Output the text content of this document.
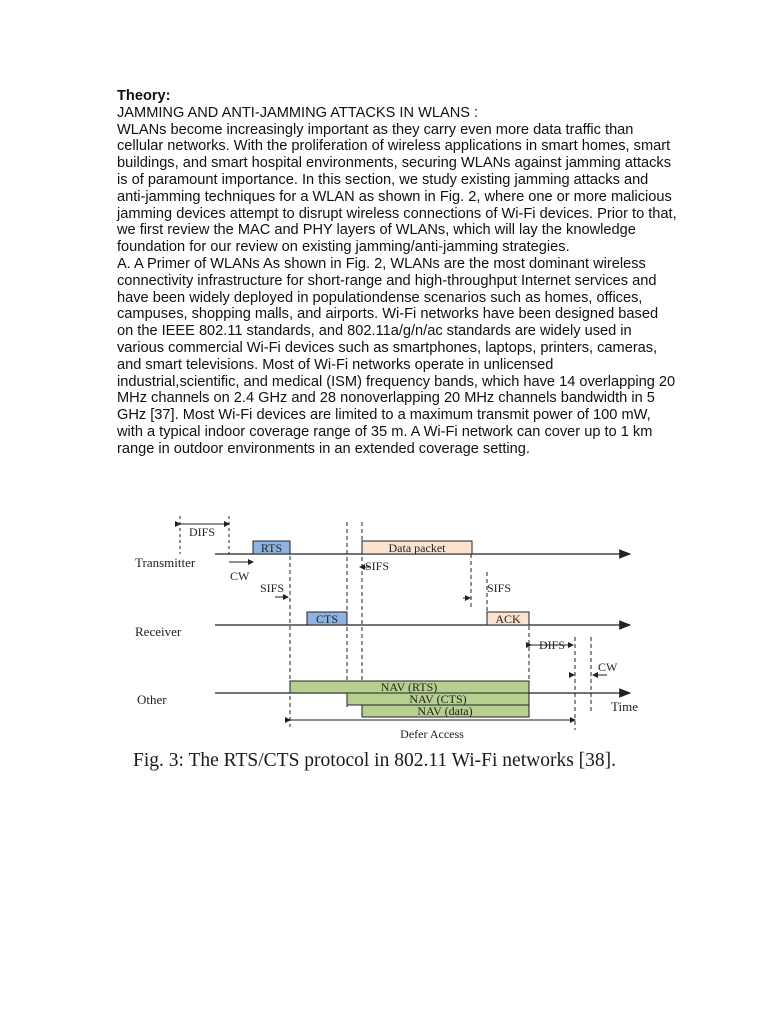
Theory:

JAMMING AND ANTI-JAMMING ATTACKS IN WLANS :

WLANs become increasingly important as they carry even more data traffic than cellular networks. With the proliferation of wireless applications in smart homes, smart buildings, and smart hospital environments, securing WLANs against jamming attacks is of paramount importance. In this section, we study existing jamming attacks and anti-jamming techniques for a WLAN as shown in Fig. 2, where one or more malicious jamming devices attempt to disrupt wireless connections of Wi-Fi devices. Prior to that, we first review the MAC and PHY layers of WLANs, which will lay the knowledge foundation for our review on existing jamming/anti-jamming strategies.

A. A Primer of WLANs As shown in Fig. 2, WLANs are the most dominant wireless connectivity infrastructure for short-range and high-throughput Internet services and have been widely deployed in populationdense scenarios such as homes, offices, campuses, shopping malls, and airports. Wi-Fi networks have been designed based on the IEEE 802.11 standards, and 802.11a/g/n/ac standards are widely used in various commercial Wi-Fi devices such as smartphones, laptops, printers, cameras, and smart televisions. Most of Wi-Fi networks operate in unlicensed industrial,scientific, and medical (ISM) frequency bands, which have 14 overlapping 20 MHz channels on 2.4 GHz and 28 nonoverlapping 20 MHz channels bandwidth in 5 GHz [37]. Most Wi-Fi devices are limited to a maximum transmit power of 100 mW, with a typical indoor coverage range of 35 m. A Wi-Fi network can cover up to 1 km range in outdoor environments in an extended coverage setting.

Transmitter
Receiver
Other
RTS	Data packet
CTS	ACK
NAV (RTS)
NAV (CTS)
NAV (data)
DIFS
CW
SIFS
SIFS
SIFS
DIFS
CW
Time
Defer Access
Fig. 3: The RTS/CTS protocol in 802.11 Wi-Fi networks [38].
